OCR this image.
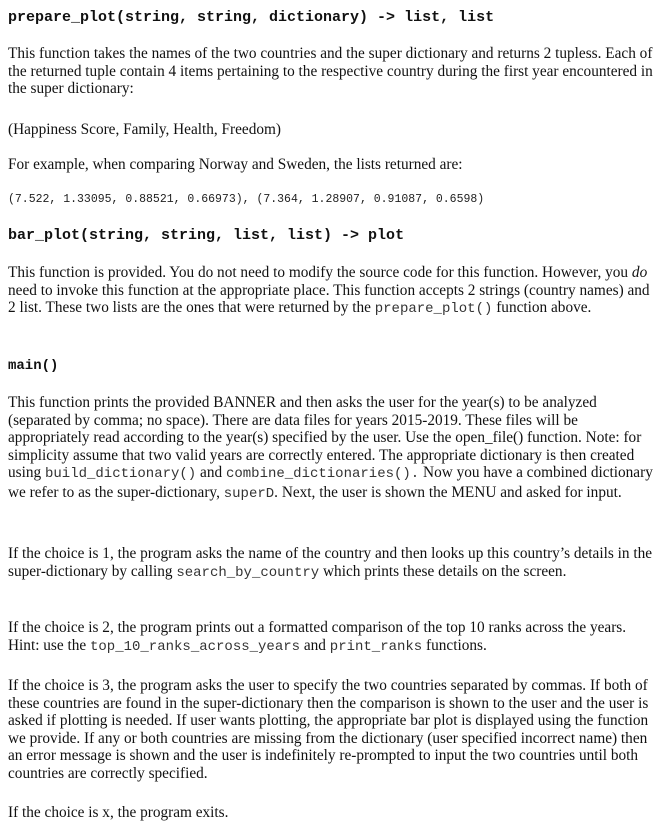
prepare_plot(string, string, dictionary) -> list, list
This function takes the names of the two countries and the super dictionary and returns 2 tupless. Each of the returned tuple contain 4 items pertaining to the respective country during the first year encountered in the super dictionary:
(Happiness Score, Family, Health, Freedom)
For example, when comparing Norway and Sweden, the lists returned are:
(7.522, 1.33095, 0.88521, 0.66973), (7.364, 1.28907, 0.91087, 0.6598)
bar_plot(string, string, list, list) -> plot
This function is provided. You do not need to modify the source code for this function. However, you do need to invoke this function at the appropriate place. This function accepts 2 strings (country names) and 2 list. These two lists are the ones that were returned by the prepare_plot() function above.
main()
This function prints the provided BANNER and then asks the user for the year(s) to be analyzed (separated by comma; no space). There are data files for years 2015-2019. These files will be appropriately read according to the year(s) specified by the user. Use the open_file() function. Note: for simplicity assume that two valid years are correctly entered. The appropriate dictionary is then created using build_dictionary() and combine_dictionaries(). Now you have a combined dictionary we refer to as the super-dictionary, superD. Next, the user is shown the MENU and asked for input.
If the choice is 1, the program asks the name of the country and then looks up this country’s details in the super-dictionary by calling search_by_country which prints these details on the screen.
If the choice is 2, the program prints out a formatted comparison of the top 10 ranks across the years. Hint: use the top_10_ranks_across_years and print_ranks functions.
If the choice is 3, the program asks the user to specify the two countries separated by commas. If both of these countries are found in the super-dictionary then the comparison is shown to the user and the user is asked if plotting is needed. If user wants plotting, the appropriate bar plot is displayed using the function we provide. If any or both countries are missing from the dictionary (user specified incorrect name) then an error message is shown and the user is indefinitely re-prompted to input the two countries until both countries are correctly specified.
If the choice is x, the program exits.
